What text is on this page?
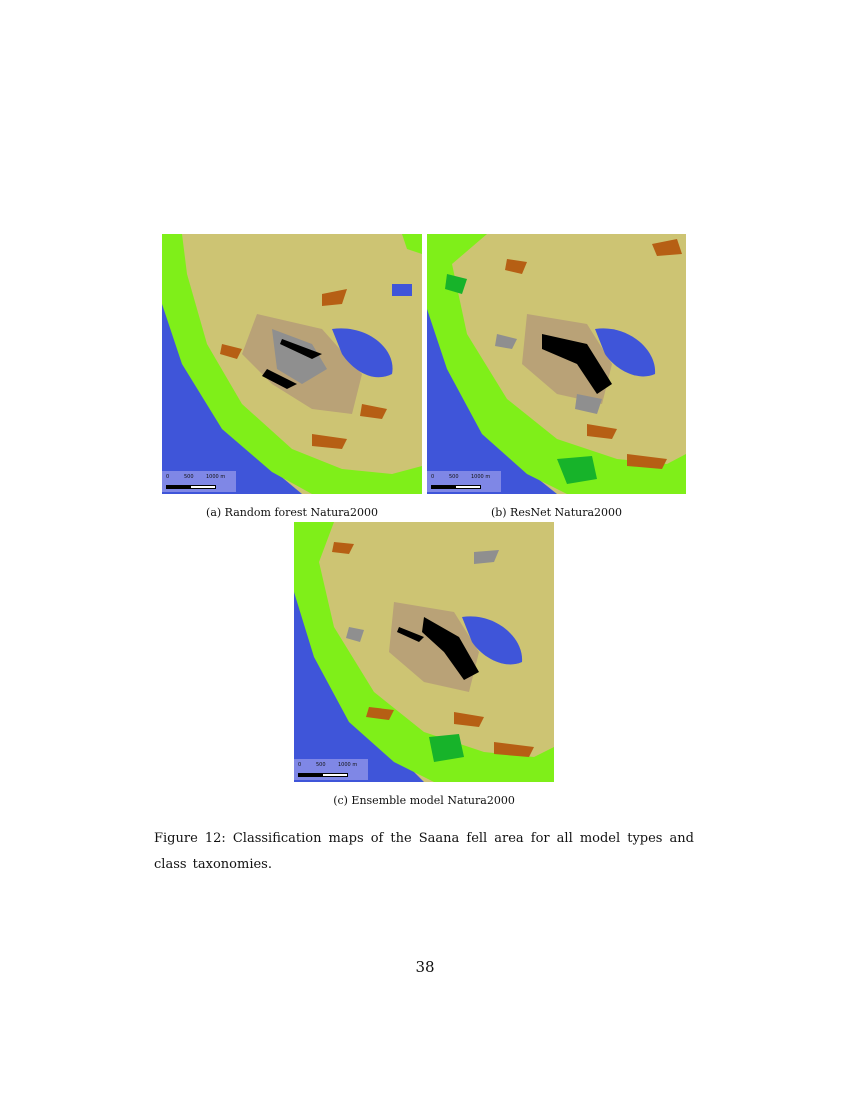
0	500 1000 m
(a) Random forest Natura2000
0	500 1000 m
(b) ResNet Natura2000
0	500 1000 m
(c) Ensemble model Natura2000
Figure 12: Classification maps of the Saana fell area for all model types and class taxonomies.
38
